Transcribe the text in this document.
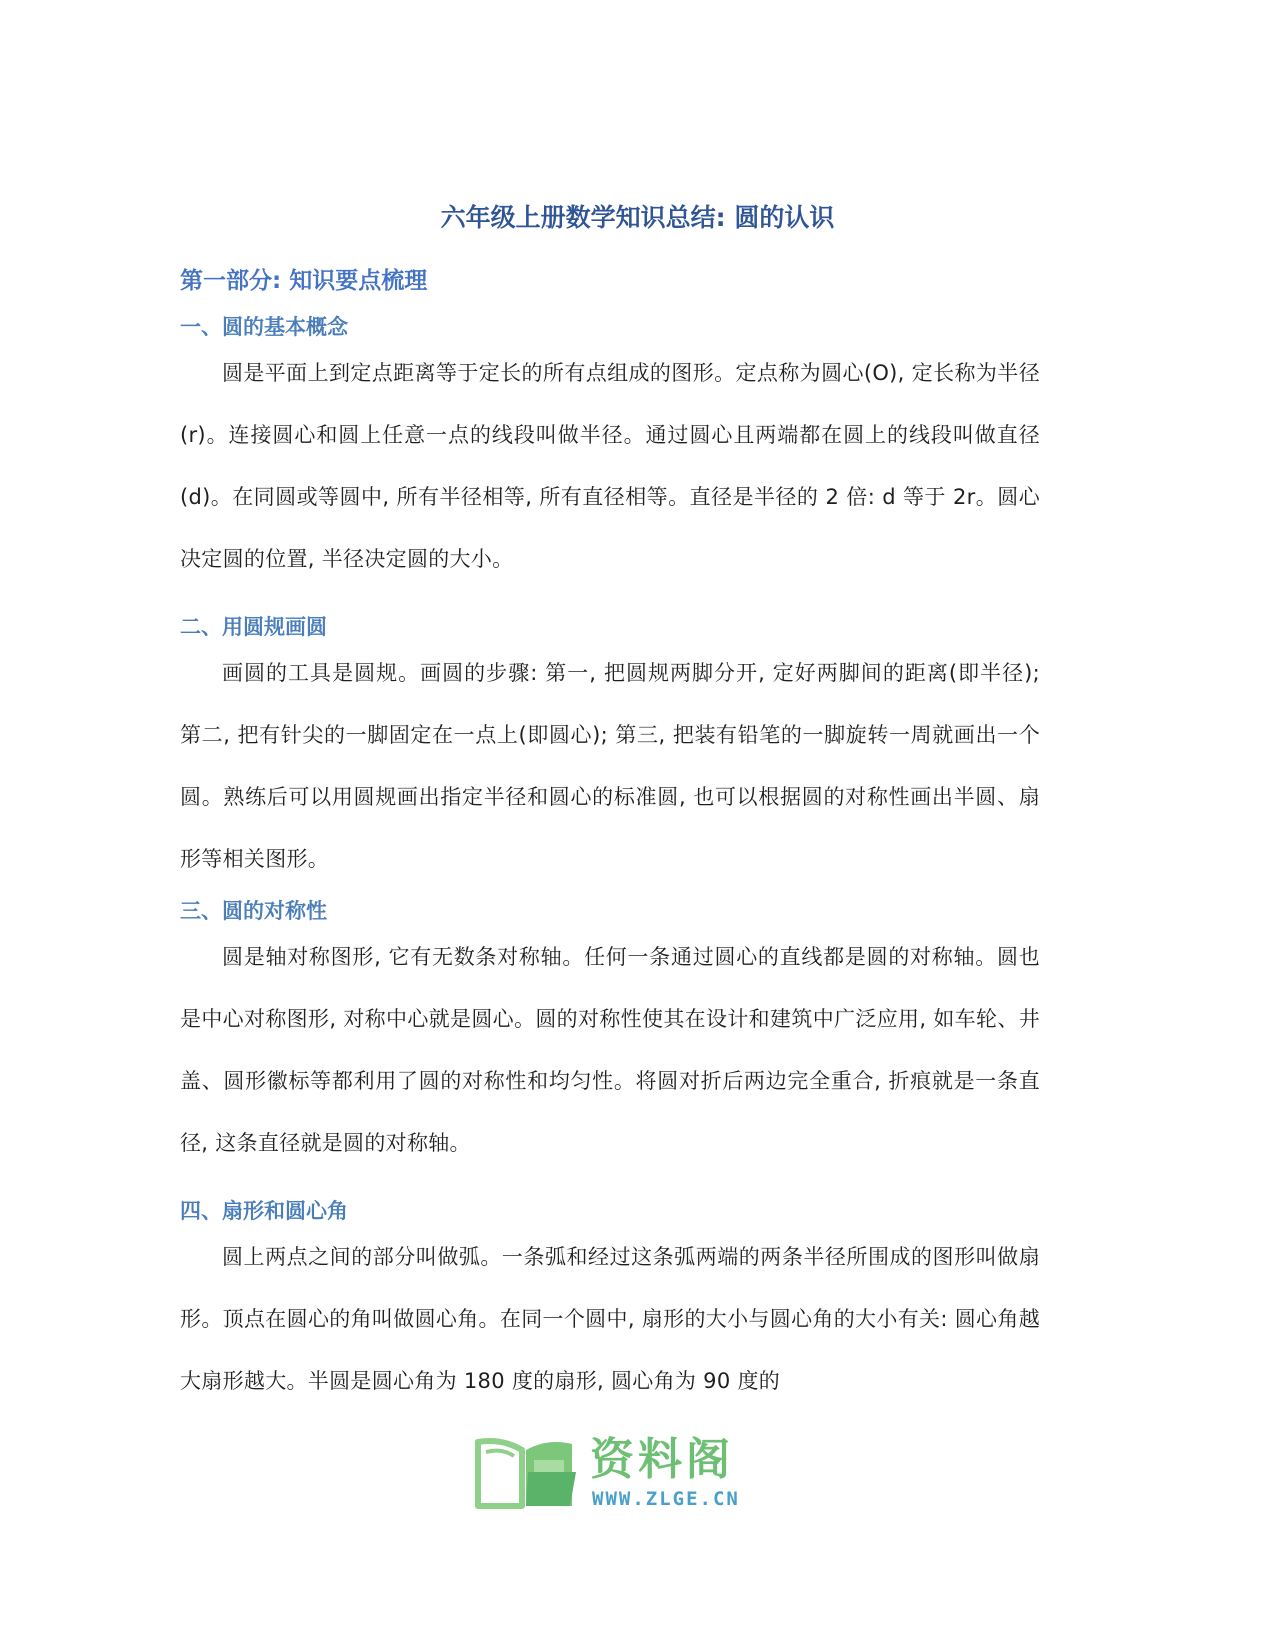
六年级上册数学知识总结: 圆的认识
第一部分: 知识要点梳理
一、圆的基本概念

圆是平面上到定点距离等于定长的所有点组成的图形。定点称为圆心(O), 定长称为半径(r)。连接圆心和圆上任意一点的线段叫做半径。通过圆心且两端都在圆上的线段叫做直径(d)。在同圆或等圆中, 所有半径相等, 所有直径相等。直径是半径的 2 倍: d 等于 2r。圆心决定圆的位置, 半径决定圆的大小。

二、用圆规画圆

画圆的工具是圆规。画圆的步骤: 第一, 把圆规两脚分开, 定好两脚间的距离(即半径); 第二, 把有针尖的一脚固定在一点上(即圆心); 第三, 把装有铅笔的一脚旋转一周就画出一个圆。熟练后可以用圆规画出指定半径和圆心的标准圆, 也可以根据圆的对称性画出半圆、扇形等相关图形。

三、圆的对称性

圆是轴对称图形, 它有无数条对称轴。任何一条通过圆心的直线都是圆的对称轴。圆也是中心对称图形, 对称中心就是圆心。圆的对称性使其在设计和建筑中广泛应用, 如车轮、井盖、圆形徽标等都利用了圆的对称性和均匀性。将圆对折后两边完全重合, 折痕就是一条直径, 这条直径就是圆的对称轴。

四、扇形和圆心角

圆上两点之间的部分叫做弧。一条弧和经过这条弧两端的两条半径所围成的图形叫做扇形。顶点在圆心的角叫做圆心角。在同一个圆中, 扇形的大小与圆心角的大小有关: 圆心角越大扇形越大。半圆是圆心角为 180 度的扇形, 圆心角为 90 度的

资料阁
WWW.ZLGE.CN
